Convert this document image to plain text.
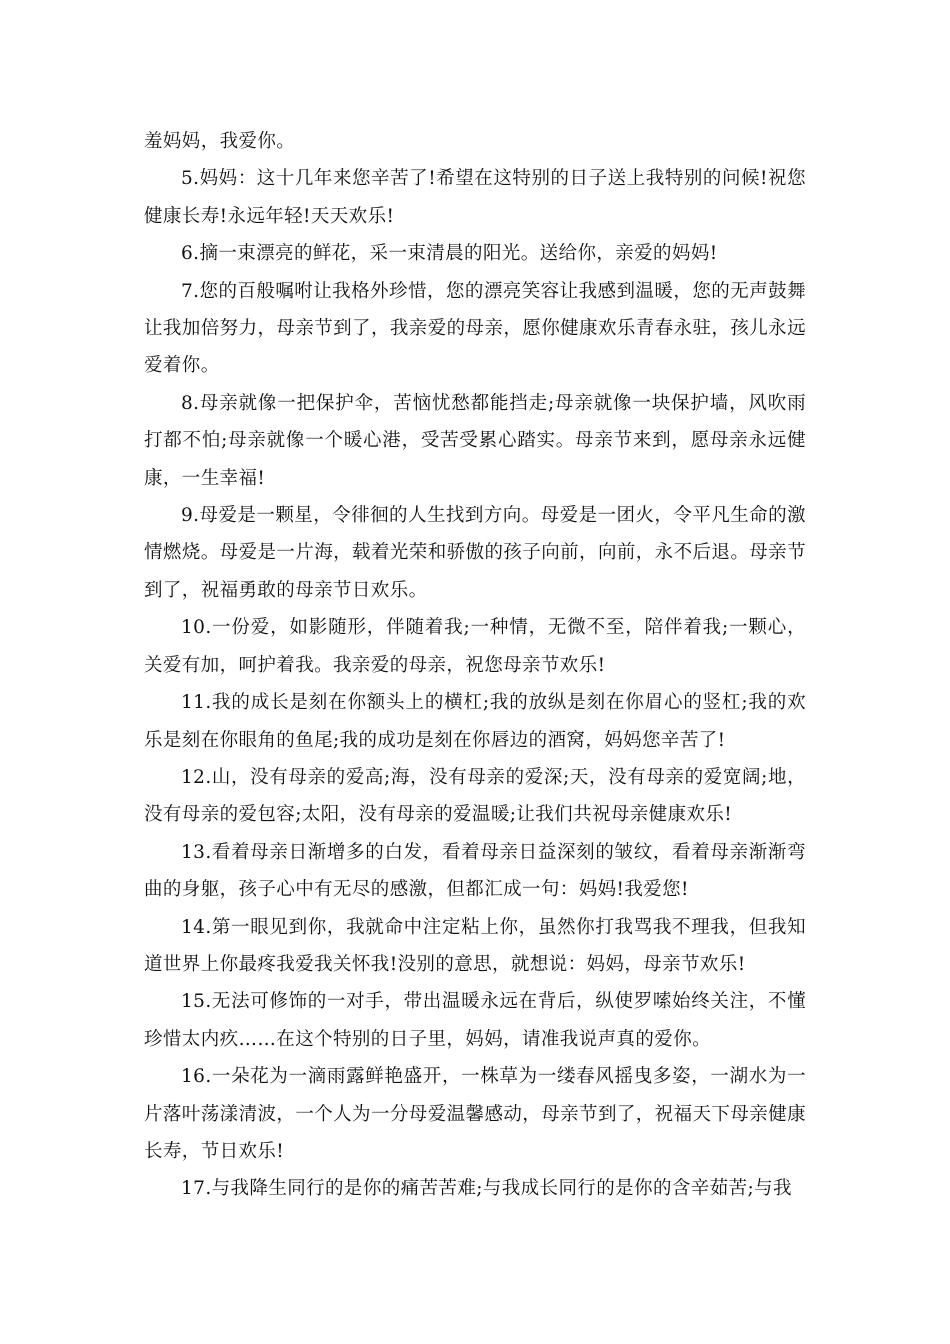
羞妈妈，我爱你。

5.妈妈：这十几年来您辛苦了!希望在这特别的日子送上我特别的问候!祝您健康长寿!永远年轻!天天欢乐!

6.摘一束漂亮的鲜花，采一束清晨的阳光。送给你，亲爱的妈妈!

7.您的百般嘱咐让我格外珍惜，您的漂亮笑容让我感到温暖，您的无声鼓舞让我加倍努力，母亲节到了，我亲爱的母亲，愿你健康欢乐青春永驻，孩儿永远爱着你。

8.母亲就像一把保护伞，苦恼忧愁都能挡走;母亲就像一块保护墙，风吹雨打都不怕;母亲就像一个暖心港，受苦受累心踏实。母亲节来到，愿母亲永远健康，一生幸福!

9.母爱是一颗星，令徘徊的人生找到方向。母爱是一团火，令平凡生命的激情燃烧。母爱是一片海，载着光荣和骄傲的孩子向前，向前，永不后退。母亲节到了，祝福勇敢的母亲节日欢乐。

10.一份爱，如影随形，伴随着我;一种情，无微不至，陪伴着我;一颗心，关爱有加，呵护着我。我亲爱的母亲，祝您母亲节欢乐!

11.我的成长是刻在你额头上的横杠;我的放纵是刻在你眉心的竖杠;我的欢乐是刻在你眼角的鱼尾;我的成功是刻在你唇边的酒窝，妈妈您辛苦了!

12.山，没有母亲的爱高;海，没有母亲的爱深;天，没有母亲的爱宽阔;地，没有母亲的爱包容;太阳，没有母亲的爱温暖;让我们共祝母亲健康欢乐!

13.看着母亲日渐增多的白发，看着母亲日益深刻的皱纹，看着母亲渐渐弯曲的身躯，孩子心中有无尽的感激，但都汇成一句：妈妈!我爱您!

14.第一眼见到你，我就命中注定粘上你，虽然你打我骂我不理我，但我知道世界上你最疼我爱我关怀我!没别的意思，就想说：妈妈，母亲节欢乐!

15.无法可修饰的一对手，带出温暖永远在背后，纵使罗嗦始终关注，不懂珍惜太内疚……在这个特别的日子里，妈妈，请准我说声真的爱你。

16.一朵花为一滴雨露鲜艳盛开，一株草为一缕春风摇曳多姿，一湖水为一片落叶荡漾清波，一个人为一分母爱温馨感动，母亲节到了，祝福天下母亲健康长寿，节日欢乐!

17.与我降生同行的是你的痛苦苦难;与我成长同行的是你的含辛茹苦;与我
